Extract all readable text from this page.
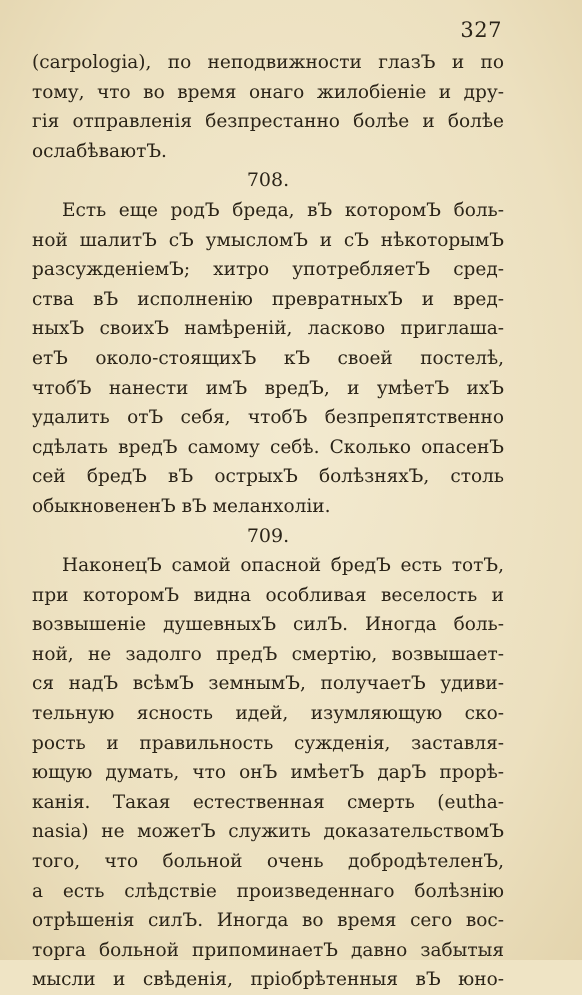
327
(carpologia), по неподвижности глазЪ и по
тому, что во время онаго жилобіеніе и дру-
гія отправленія безпрестанно болѣе и болѣе
ослабѣваютЪ.
708.
Есть еще родЪ бреда, вЪ которомЪ боль-
ной шалитЪ сЪ умысломЪ и сЪ нѣкоторымЪ
разсужденіемЪ; хитро употребляетЪ сред-
ства вЪ исполненію превратныхЪ и вред-
ныхЪ своихЪ намѣреній, ласково приглаша-
етЪ около-стоящихЪ кЪ своей постелѣ,
чтобЪ нанести имЪ вредЪ, и умѣетЪ ихЪ
удалить отЪ себя, чтобЪ безпрепятственно
сдѣлать вредЪ самому себѣ. Сколько опасенЪ
сей бредЪ вЪ острыхЪ болѣзняхЪ, столь
обыкновененЪ вЪ меланхоліи.
709.
НаконецЪ самой опасной бредЪ есть тотЪ,
при которомЪ видна особливая веселость и
возвышеніе душевныхЪ силЪ. Иногда боль-
ной, не задолго предЪ смертію, возвышает-
ся надЪ всѣмЪ земнымЪ, получаетЪ удиви-
тельную ясность идей, изумляющую ско-
рость и правильность сужденія, заставля-
ющую думать, что онЪ имѣетЪ дарЪ прорѣ-
канія. Такая естественная смерть (euthа-
nasia) не можетЪ служить доказательствомЪ
того, что больной очень добродѣтеленЪ,
а есть слѣдствіе произведеннаго болѣзнію
отрѣшенія силЪ. Иногда во время сего вос-
торга больной припоминаетЪ давно забытыя
мысли и свѣденія, пріобрѣтенныя вЪ юно-
